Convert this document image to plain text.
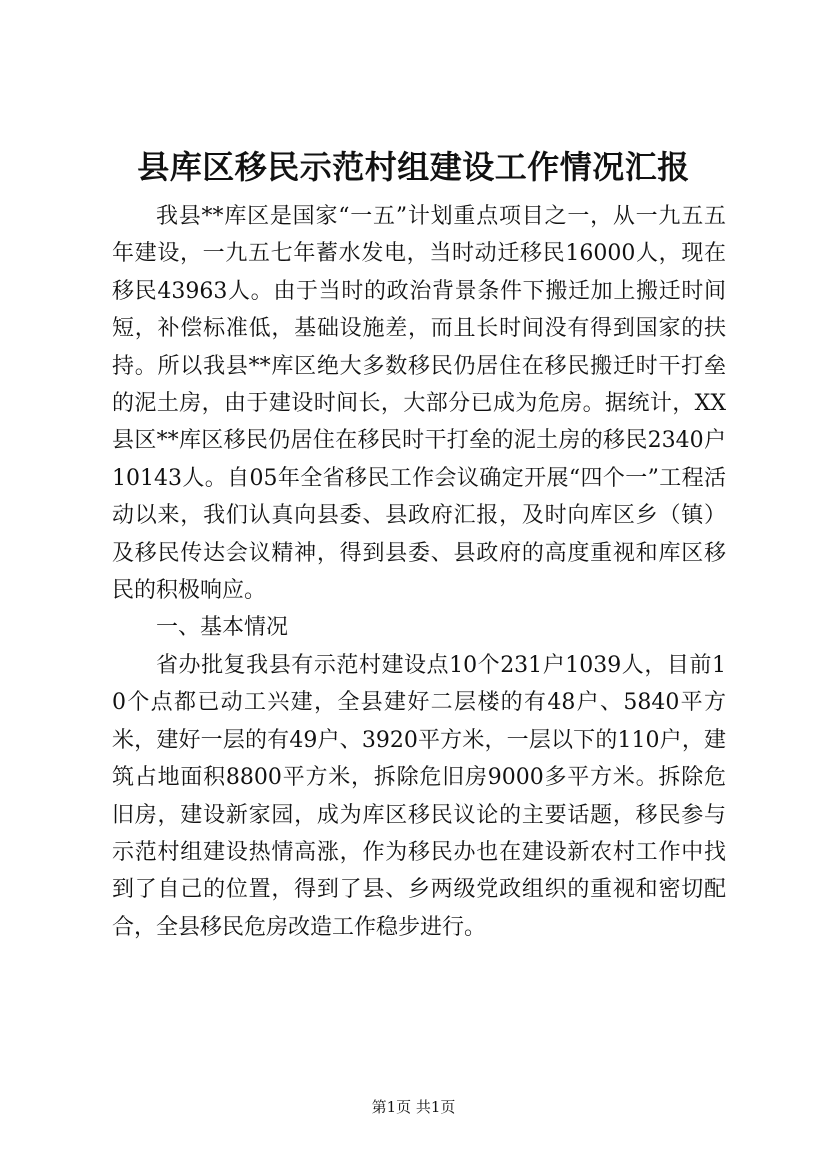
县库区移民示范村组建设工作情况汇报

我县**库区是国家“一五”计划重点项目之一，从一九五五年建设，一九五七年蓄水发电，当时动迁移民16000人，现在移民43963人。由于当时的政治背景条件下搬迁加上搬迁时间短，补偿标准低，基础设施差，而且长时间没有得到国家的扶持。所以我县**库区绝大多数移民仍居住在移民搬迁时干打垒的泥土房，由于建设时间长，大部分已成为危房。据统计，XX县区**库区移民仍居住在移民时干打垒的泥土房的移民2340户10143人。自05年全省移民工作会议确定开展“四个一”工程活动以来，我们认真向县委、县政府汇报，及时向库区乡（镇）及移民传达会议精神，得到县委、县政府的高度重视和库区移民的积极响应。

一、基本情况

省办批复我县有示范村建设点10个231户1039人，目前10个点都已动工兴建，全县建好二层楼的有48户、5840平方米，建好一层的有49户、3920平方米，一层以下的110户，建筑占地面积8800平方米，拆除危旧房9000多平方米。拆除危旧房，建设新家园，成为库区移民议论的主要话题，移民参与示范村组建设热情高涨，作为移民办也在建设新农村工作中找到了自己的位置，得到了县、乡两级党政组织的重视和密切配合，全县移民危房改造工作稳步进行。

第1页 共1页
